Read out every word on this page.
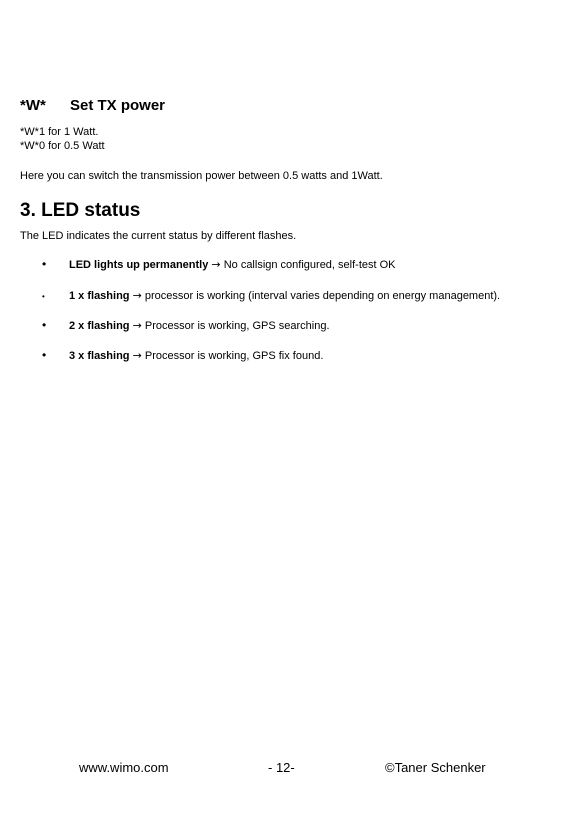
*W* Set TX power
*W*1 for 1 Watt.
*W*0 for 0.5 Watt
Here you can switch the transmission power between 0.5 watts and 1Watt.
3. LED status
The LED indicates the current status by different flashes.
• LED lights up permanently → No callsign configured, self-test OK
• 1 x flashing → processor is working (interval varies depending on energy management).
• 2 x flashing → Processor is working, GPS searching.
• 3 x flashing → Processor is working, GPS fix found.
www.wimo.com	- 12-	©Taner Schenker
